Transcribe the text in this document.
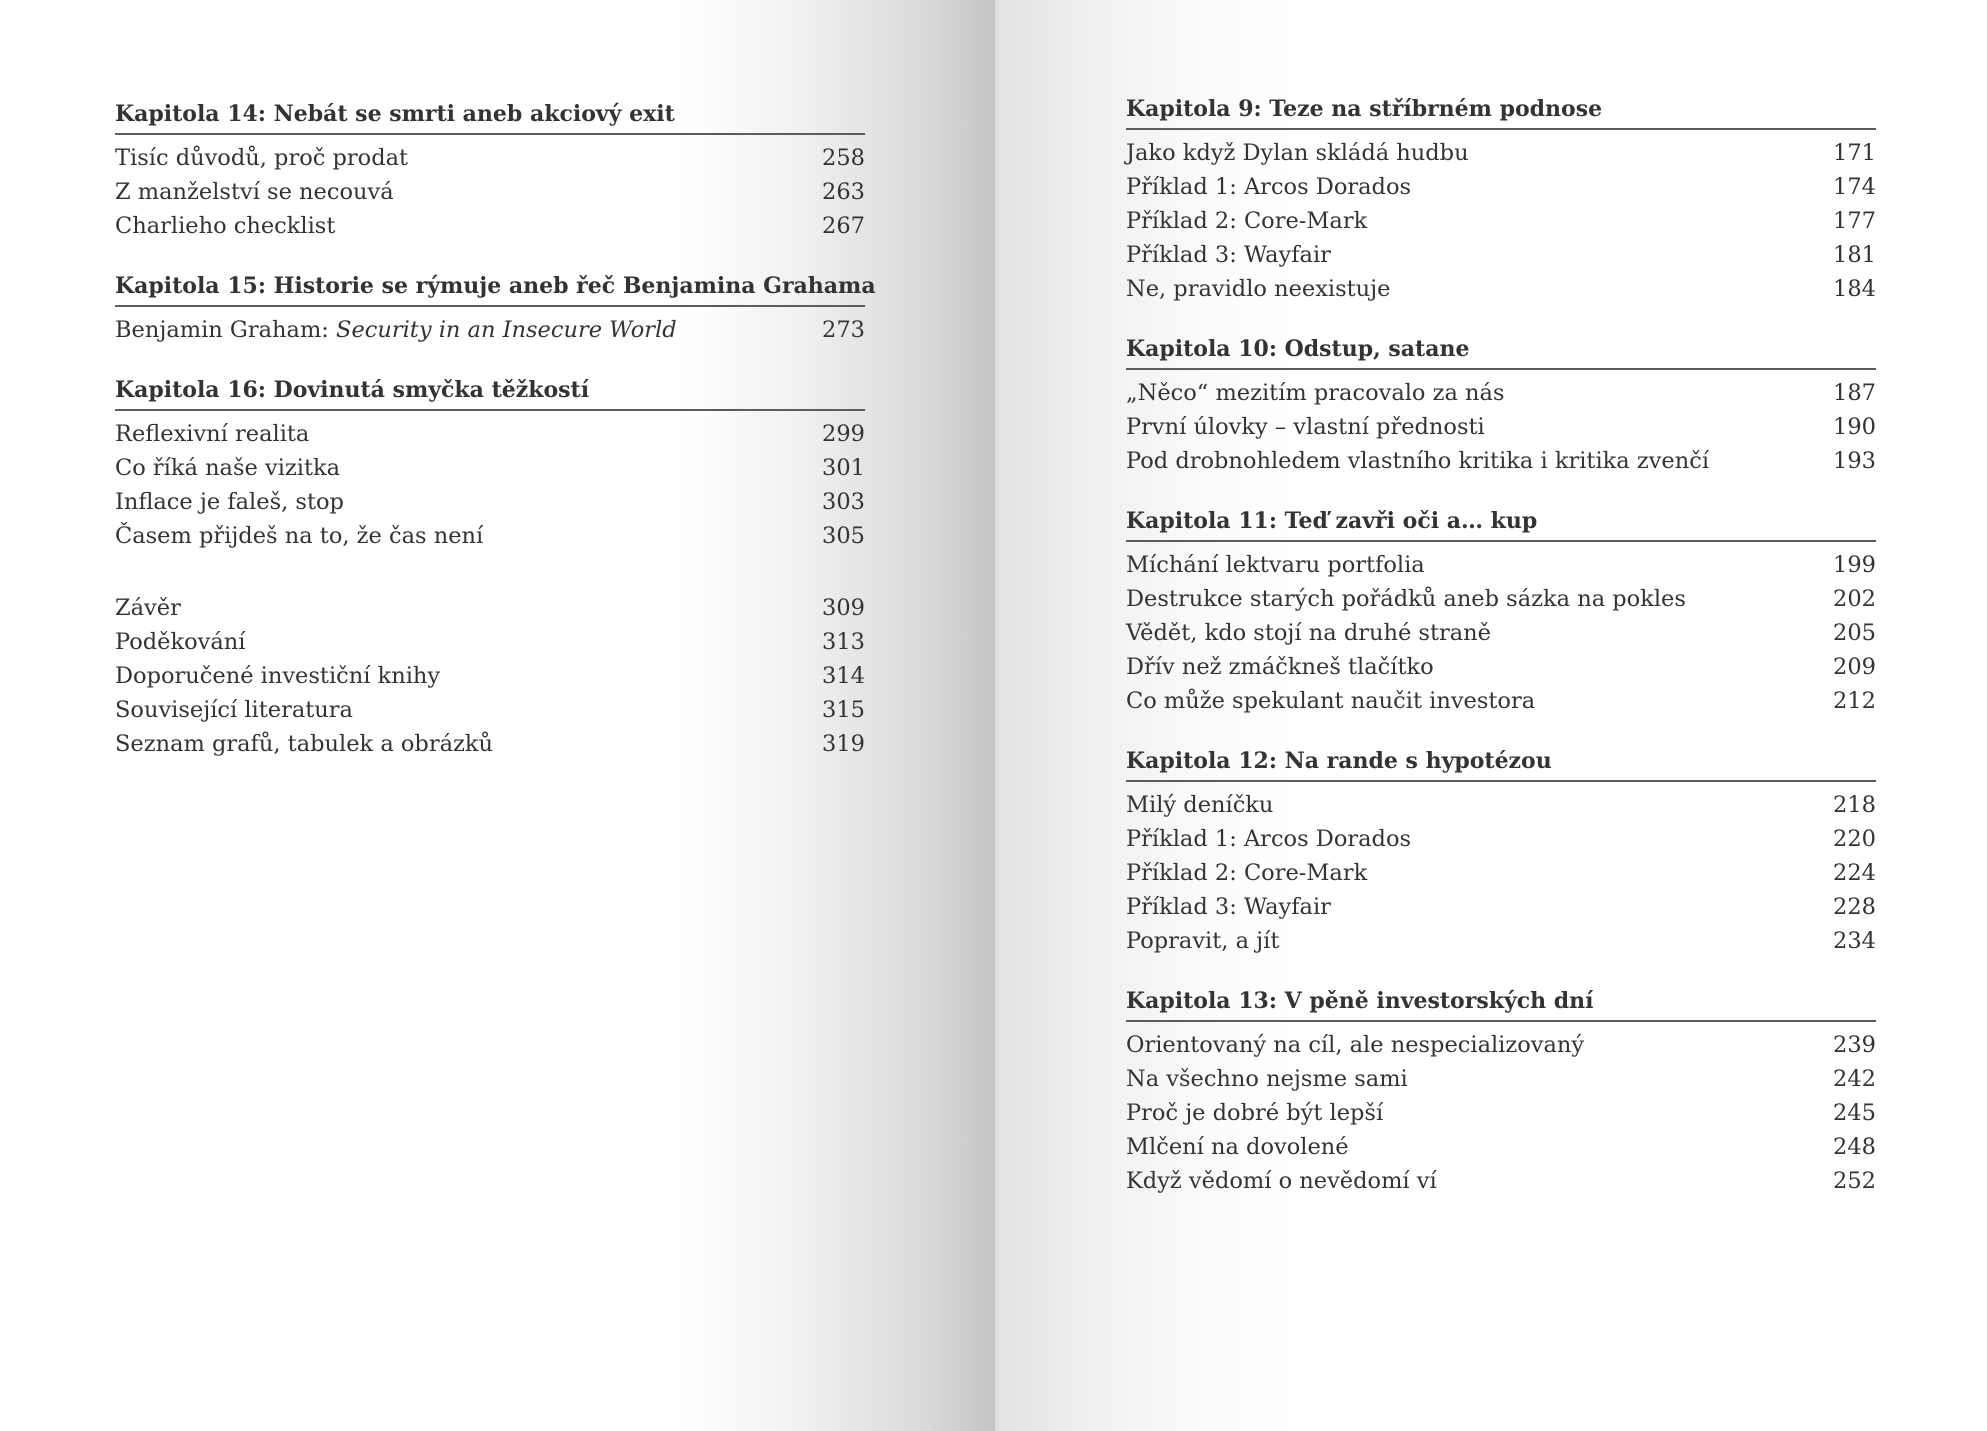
Kapitola 14: Nebát se smrti aneb akciový exit
Tisíc důvodů, proč prodat	258
Z manželství se necouvá	263
Charlieho checklist	267
Kapitola 15: Historie se rýmuje aneb řeč Benjamina Grahama
Benjamin Graham: Security in an Insecure World	273
Kapitola 16: Dovinutá smyčka těžkostí
Reflexivní realita	299
Co říká naše vizitka	301
Inflace je faleš, stop	303
Časem přijdeš na to, že čas není	305
Závěr	309
Poděkování	313
Doporučené investiční knihy	314
Související literatura	315
Seznam grafů, tabulek a obrázků	319
Kapitola 9: Teze na stříbrném podnose
Jako když Dylan skládá hudbu	171
Příklad 1: Arcos Dorados	174
Příklad 2: Core-Mark	177
Příklad 3: Wayfair	181
Ne, pravidlo neexistuje	184
Kapitola 10: Odstup, satane
„Něco“ mezitím pracovalo za nás	187
První úlovky – vlastní přednosti	190
Pod drobnohledem vlastního kritika i kritika zvenčí	193
Kapitola 11: Teď zavři oči a… kup
Míchání lektvaru portfolia	199
Destrukce starých pořádků aneb sázka na pokles	202
Vědět, kdo stojí na druhé straně	205
Dřív než zmáčkneš tlačítko	209
Co může spekulant naučit investora	212
Kapitola 12: Na rande s hypotézou
Milý deníčku	218
Příklad 1: Arcos Dorados	220
Příklad 2: Core-Mark	224
Příklad 3: Wayfair	228
Popravit, a jít	234
Kapitola 13: V pěně investorských dní
Orientovaný na cíl, ale nespecializovaný	239
Na všechno nejsme sami	242
Proč je dobré být lepší	245
Mlčení na dovolené	248
Když vědomí o nevědomí ví	252
